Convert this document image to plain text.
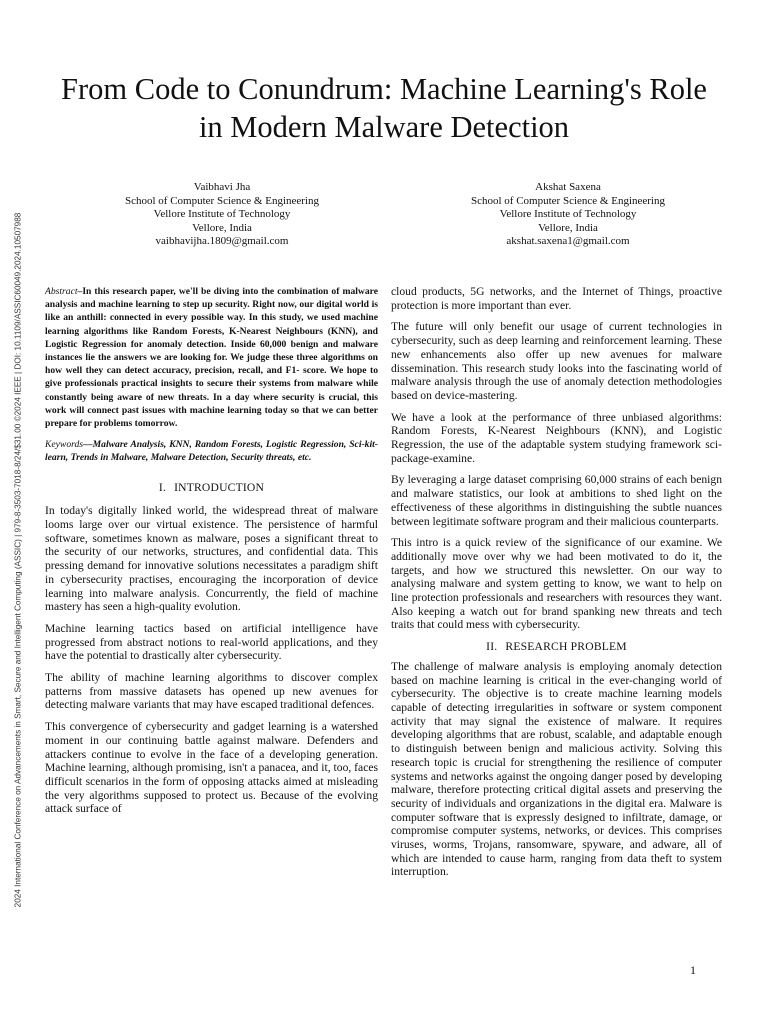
2024 International Conference on Advancements in Smart, Secure and Intelligent Computing (ASSIC) | 979-8-3503-7018-8/24/$31.00 ©2024 IEEE | DOI: 10.1109/ASSIC60049.2024.10507988
From Code to Conundrum: Machine Learning's Role in Modern Malware Detection
Vaibhavi Jha
School of Computer Science & Engineering
Vellore Institute of Technology
Vellore, India
vaibhavijha.1809@gmail.com
Akshat Saxena
School of Computer Science & Engineering
Vellore Institute of Technology
Vellore, India
akshat.saxena1@gmail.com

Abstract–In this research paper, we'll be diving into the combination of malware analysis and machine learning to step up security. Right now, our digital world is like an anthill: connected in every possible way. In this study, we used machine learning algorithms like Random Forests, K-Nearest Neighbours (KNN), and Logistic Regression for anomaly detection. Inside 60,000 benign and malware instances lie the answers we are looking for. We judge these three algorithms on how well they can detect accuracy, precision, recall, and F1- score. We hope to give professionals practical insights to secure their systems from malware while constantly being aware of new threats. In a day where security is crucial, this work will connect past issues with machine learning today so that we can better prepare for problems tomorrow.

Keywords—Malware Analysis, KNN, Random Forests, Logistic Regression, Sci-kit-learn, Trends in Malware, Malware Detection, Security threats, etc.

I. INTRODUCTION

In today's digitally linked world, the widespread threat of malware looms large over our virtual existence. The persistence of harmful software, sometimes known as malware, poses a significant threat to the security of our networks, structures, and confidential data. This pressing demand for innovative solutions necessitates a paradigm shift in cybersecurity practises, encouraging the incorporation of device learning into malware analysis. Concurrently, the field of machine mastery has seen a high-quality evolution.

Machine learning tactics based on artificial intelligence have progressed from abstract notions to real-world applications, and they have the potential to drastically alter cybersecurity.

The ability of machine learning algorithms to discover complex patterns from massive datasets has opened up new avenues for detecting malware variants that may have escaped traditional defences.

This convergence of cybersecurity and gadget learning is a watershed moment in our continuing battle against malware. Defenders and attackers continue to evolve in the face of a developing generation. Machine learning, although promising, isn't a panacea, and it, too, faces difficult scenarios in the form of opposing attacks aimed at misleading the very algorithms supposed to protect us. Because of the evolving attack surface of

cloud products, 5G networks, and the Internet of Things, proactive protection is more important than ever.

The future will only benefit our usage of current technologies in cybersecurity, such as deep learning and reinforcement learning. These new enhancements also offer up new avenues for malware dissemination. This research study looks into the fascinating world of malware analysis through the use of anomaly detection methodologies based on device-mastering.

We have a look at the performance of three unbiased algorithms: Random Forests, K-Nearest Neighbours (KNN), and Logistic Regression, the use of the adaptable system studying framework sci-package-examine.

By leveraging a large dataset comprising 60,000 strains of each benign and malware statistics, our look at ambitions to shed light on the effectiveness of these algorithms in distinguishing the subtle nuances between legitimate software program and their malicious counterparts.

This intro is a quick review of the significance of our examine. We additionally move over why we had been motivated to do it, the targets, and how we structured this newsletter. On our way to analysing malware and system getting to know, we want to help on line protection professionals and researchers with resources they want. Also keeping a watch out for brand spanking new threats and tech traits that could mess with cybersecurity.

II. RESEARCH PROBLEM

The challenge of malware analysis is employing anomaly detection based on machine learning is critical in the ever-changing world of cybersecurity. The objective is to create machine learning models capable of detecting irregularities in software or system component activity that may signal the existence of malware. It requires developing algorithms that are robust, scalable, and adaptable enough to distinguish between benign and malicious activity. Solving this research topic is crucial for strengthening the resilience of computer systems and networks against the ongoing danger posed by developing malware, therefore protecting critical digital assets and preserving the security of individuals and organizations in the digital era. Malware is computer software that is expressly designed to infiltrate, damage, or compromise computer systems, networks, or devices. This comprises viruses, worms, Trojans, ransomware, spyware, and adware, all of which are intended to cause harm, ranging from data theft to system interruption.

1
